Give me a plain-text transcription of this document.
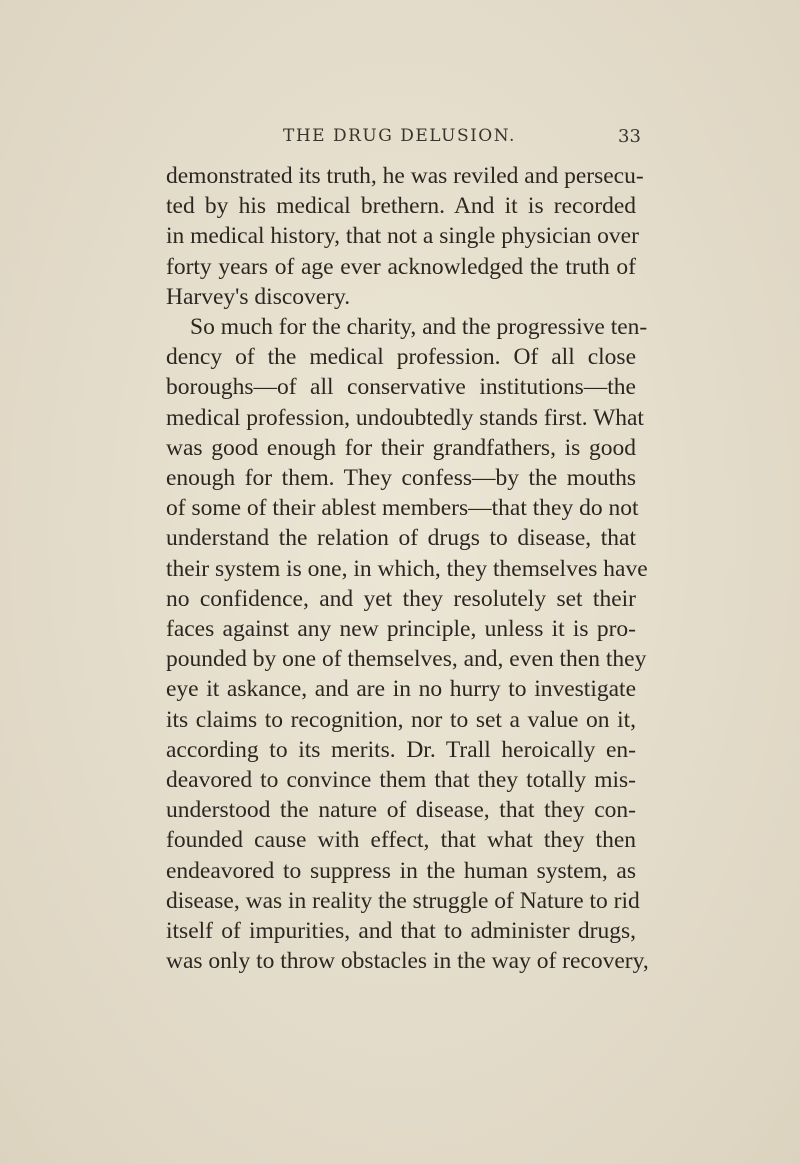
THE DRUG DELUSION.	33
demonstrated its truth, he was reviled and persecu-
ted by his medical brethern. And it is recorded
in medical history, that not a single physician over
forty years of age ever acknowledged the truth of
Harvey's discovery.
So much for the charity, and the progressive ten-
dency of the medical profession. Of all close
boroughs—of all conservative institutions—the
medical profession, undoubtedly stands first. What
was good enough for their grandfathers, is good
enough for them. They confess—by the mouths
of some of their ablest members—that they do not
understand the relation of drugs to disease, that
their system is one, in which, they themselves have
no confidence, and yet they resolutely set their
faces against any new principle, unless it is pro-
pounded by one of themselves, and, even then they
eye it askance, and are in no hurry to investigate
its claims to recognition, nor to set a value on it,
according to its merits. Dr. Trall heroically en-
deavored to convince them that they totally mis-
understood the nature of disease, that they con-
founded cause with effect, that what they then
endeavored to suppress in the human system, as
disease, was in reality the struggle of Nature to rid
itself of impurities, and that to administer drugs,
was only to throw obstacles in the way of recovery,
